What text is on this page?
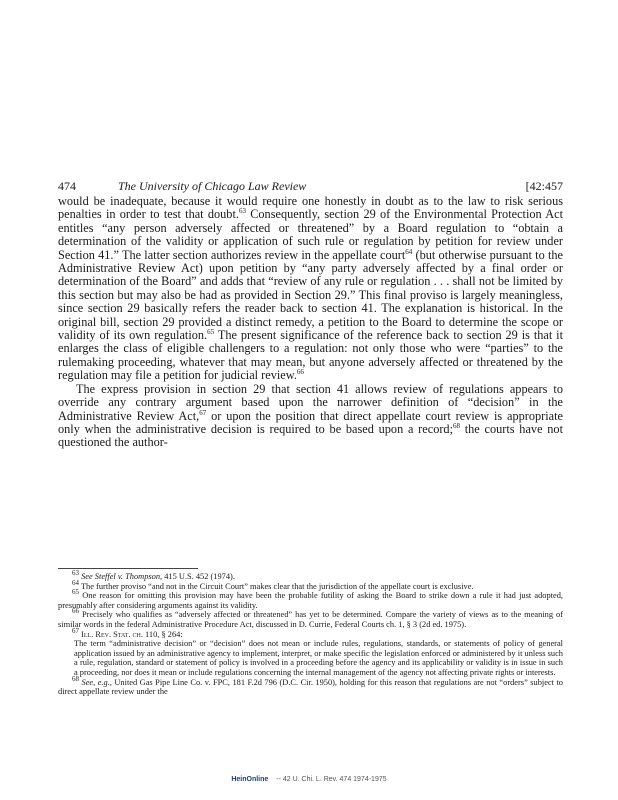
474	The University of Chicago Law Review	[42:457

would be inadequate, because it would require one honestly in doubt as to the law to risk serious penalties in order to test that doubt.$^{63}$ Consequently, section 29 of the Environmental Protection Act entitles “any person adversely affected or threatened” by a Board regulation to “obtain a determination of the validity or application of such rule or regulation by petition for review under Section 41.” The latter section authorizes review in the appellate court$^{64}$ (but otherwise pursuant to the Administrative Review Act) upon petition by “any party adversely affected by a final order or determination of the Board” and adds that “review of any rule or regulation . . . shall not be limited by this section but may also be had as provided in Section 29.” This final proviso is largely meaningless, since section 29 basically refers the reader back to section 41. The explanation is historical. In the original bill, section 29 provided a distinct remedy, a petition to the Board to determine the scope or validity of its own regulation.$^{65}$ The present significance of the reference back to section 29 is that it enlarges the class of eligible challengers to a regulation: not only those who were “parties” to the rulemaking proceeding, whatever that may mean, but anyone adversely affected or threatened by the regulation may file a petition for judicial review.$^{66}$

The express provision in section 29 that section 41 allows review of regulations appears to override any contrary argument based upon the narrower definition of “decision” in the Administrative Review Act,$^{67}$ or upon the position that direct appellate court review is appropriate only when the administrative decision is required to be based upon a record;$^{68}$ the courts have not questioned the author-

$^{63}$ See Steffel v. Thompson, 415 U.S. 452 (1974).

$^{64}$ The further proviso “and not in the Circuit Court” makes clear that the jurisdiction of the appellate court is exclusive.

$^{65}$ One reason for omitting this provision may have been the probable futility of asking the Board to strike down a rule it had just adopted, presumably after considering arguments against its validity.

$^{66}$ Precisely who qualifies as “adversely affected or threatened” has yet to be determined. Compare the variety of views as to the meaning of similar words in the federal Administrative Procedure Act, discussed in D. Currie, Federal Courts ch. 1, § 3 (2d ed. 1975).

$^{67}$ Ill. Rev. Stat. ch. 110, § 264:

The term “administrative decision” or “decision” does not mean or include rules, regulations, standards, or statements of policy of general application issued by an administrative agency to implement, interpret, or make specific the legislation enforced or administered by it unless such a rule, regulation, standard or statement of policy is involved in a proceeding before the agency and its applicability or validity is in issue in such a proceeding, nor does it mean or include regulations concerning the internal management of the agency not affecting private rights or interests.

$^{68}$ See, e.g., United Gas Pipe Line Co. v. FPC, 181 F.2d 796 (D.C. Cir. 1950), holding for this reason that regulations are not “orders” subject to direct appellate review under the

HeinOnline -- 42 U. Chi. L. Rev. 474 1974-1975
